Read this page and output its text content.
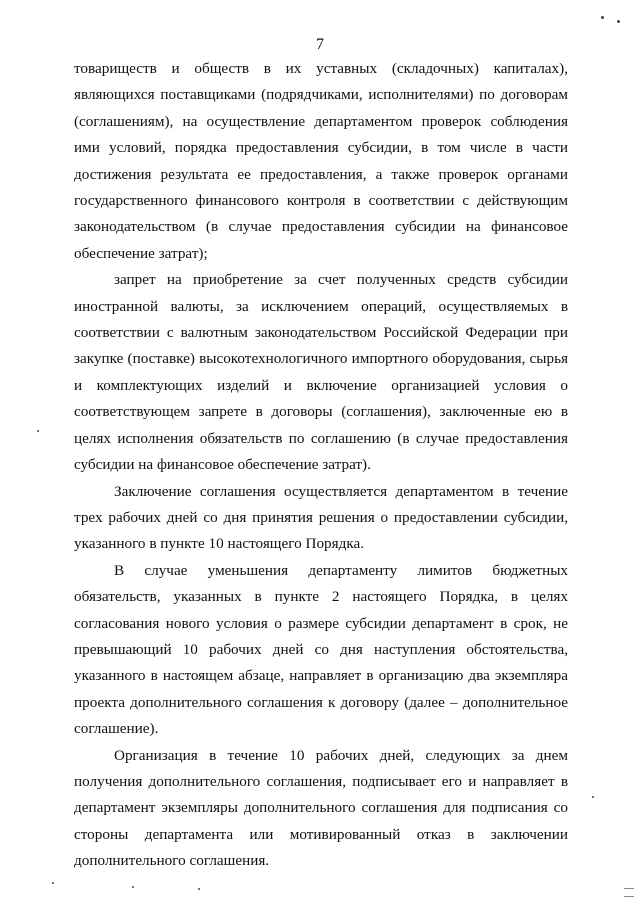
7

товариществ и обществ в их уставных (складочных) капиталах), являющихся поставщиками (подрядчиками, исполнителями) по договорам (соглашениям), на осуществление департаментом проверок соблюдения ими условий, порядка предоставления субсидии, в том числе в части достижения результата ее предоставления, а также проверок органами государственного финансового контроля в соответствии с действующим законодательством (в случае предоставления субсидии на финансовое обеспечение затрат);

запрет на приобретение за счет полученных средств субсидии иностранной валюты, за исключением операций, осуществляемых в соответствии с валютным законодательством Российской Федерации при закупке (поставке) высокотехнологичного импортного оборудования, сырья и комплектующих изделий и включение организацией условия о соответствующем запрете в договоры (соглашения), заключенные ею в целях исполнения обязательств по соглашению (в случае предоставления субсидии на финансовое обеспечение затрат).

Заключение соглашения осуществляется департаментом в течение трех рабочих дней со дня принятия решения о предоставлении субсидии, указанного в пункте 10 настоящего Порядка.

В случае уменьшения департаменту лимитов бюджетных обязательств, указанных в пункте 2 настоящего Порядка, в целях согласования нового условия о размере субсидии департамент в срок, не превышающий 10 рабочих дней со дня наступления обстоятельства, указанного в настоящем абзаце, направляет в организацию два экземпляра проекта дополнительного соглашения к договору (далее – дополнительное соглашение).

Организация в течение 10 рабочих дней, следующих за днем получения дополнительного соглашения, подписывает его и направляет в департамент экземпляры дополнительного соглашения для подписания со стороны департамента или мотивированный отказ в заключении дополнительного соглашения.
